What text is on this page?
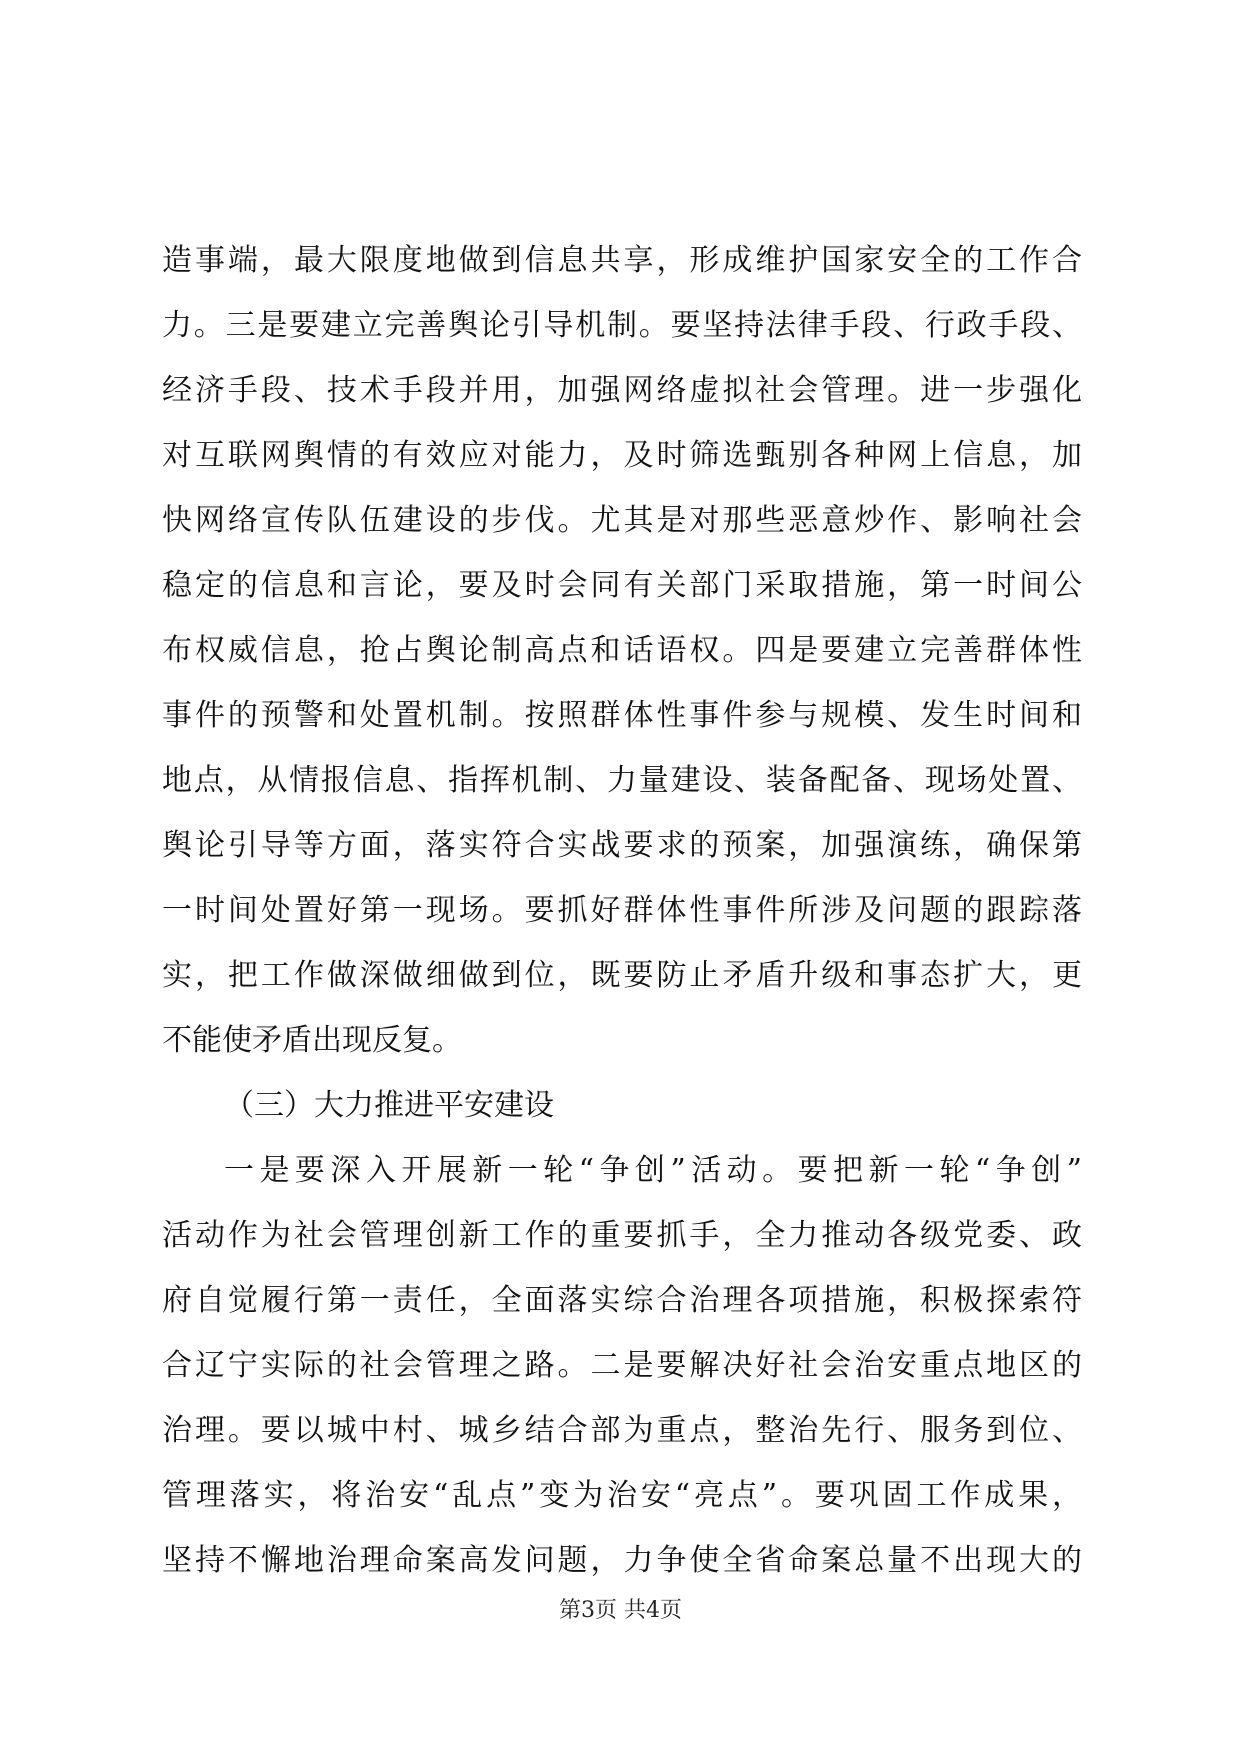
造事端，最大限度地做到信息共享，形成维护国家安全的工作合
力。三是要建立完善舆论引导机制。要坚持法律手段、行政手段、
经济手段、技术手段并用，加强网络虚拟社会管理。进一步强化
对互联网舆情的有效应对能力，及时筛选甄别各种网上信息，加
快网络宣传队伍建设的步伐。尤其是对那些恶意炒作、影响社会
稳定的信息和言论，要及时会同有关部门采取措施，第一时间公
布权威信息，抢占舆论制高点和话语权。四是要建立完善群体性
事件的预警和处置机制。按照群体性事件参与规模、发生时间和
地点，从情报信息、指挥机制、力量建设、装备配备、现场处置、
舆论引导等方面，落实符合实战要求的预案，加强演练，确保第
一时间处置好第一现场。要抓好群体性事件所涉及问题的跟踪落
实，把工作做深做细做到位，既要防止矛盾升级和事态扩大，更
不能使矛盾出现反复。
（三）大力推进平安建设
一是要深入开展新一轮“争创”活动。要把新一轮“争创”
活动作为社会管理创新工作的重要抓手，全力推动各级党委、政
府自觉履行第一责任，全面落实综合治理各项措施，积极探索符
合辽宁实际的社会管理之路。二是要解决好社会治安重点地区的
治理。要以城中村、城乡结合部为重点，整治先行、服务到位、
管理落实，将治安“乱点”变为治安“亮点”。要巩固工作成果，
坚持不懈地治理命案高发问题，力争使全省命案总量不出现大的
第3页 共4页
